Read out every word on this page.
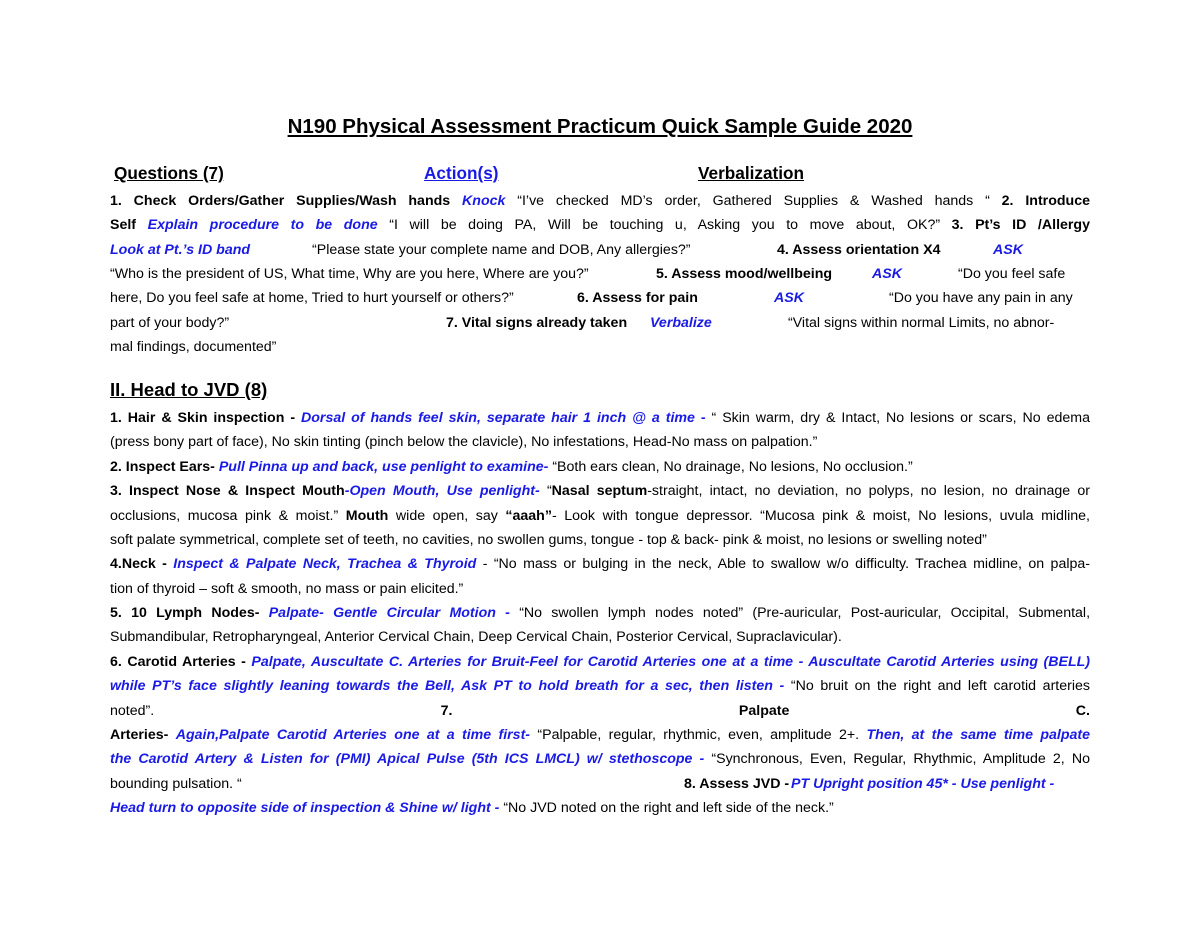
N190 Physical Assessment Practicum Quick Sample Guide 2020
Questions (7)	Action(s)	Verbalization
1. Check Orders/Gather Supplies/Wash hands Knock “I’ve checked MD’s order, Gathered Supplies & Washed hands “ 2. Introduce
Self Explain procedure to be done “I will be doing PA, Will be touching u, Asking you to move about, OK?” 3. Pt’s ID /Allergy
Look at Pt.’s ID band	“Please state your complete name and DOB, Any allergies?”	4. Assess orientation X4	ASK
“Who is the president of US, What time, Why are you here, Where are you?”	5. Assess mood/wellbeing	ASK	“Do you feel safe
here, Do you feel safe at home, Tried to hurt yourself or others?”	6. Assess for pain	ASK	“Do you have any pain in any
part of your body?”	7. Vital signs already taken Verbalize	“Vital signs within normal Limits, no abnor-
mal findings, documented”
II. Head to JVD (8)
1. Hair & Skin inspection - Dorsal of hands feel skin, separate hair 1 inch @ a time - “ Skin warm, dry & Intact, No lesions or scars, No edema
(press bony part of face), No skin tinting (pinch below the clavicle), No infestations, Head-No mass on palpation.”
2. Inspect Ears- Pull Pinna up and back, use penlight to examine- “Both ears clean, No drainage, No lesions, No occlusion.”
3. Inspect Nose & Inspect Mouth-Open Mouth, Use penlight- “Nasal septum-straight, intact, no deviation, no polyps, no lesion, no drainage or
occlusions, mucosa pink & moist.” Mouth wide open, say “aaah”- Look with tongue depressor. “Mucosa pink & moist, No lesions, uvula midline,
soft palate symmetrical, complete set of teeth, no cavities, no swollen gums, tongue - top & back- pink & moist, no lesions or swelling noted”
4.Neck - Inspect & Palpate Neck, Trachea & Thyroid - “No mass or bulging in the neck, Able to swallow w/o difficulty. Trachea midline, on palpa-
tion of thyroid – soft & smooth, no mass or pain elicited.”
5. 10 Lymph Nodes- Palpate- Gentle Circular Motion - “No swollen lymph nodes noted” (Pre-auricular, Post-auricular, Occipital, Submental,
Submandibular, Retropharyngeal, Anterior Cervical Chain, Deep Cervical Chain, Posterior Cervical, Supraclavicular).
6. Carotid Arteries - Palpate, Auscultate C. Arteries for Bruit-Feel for Carotid Arteries one at a time - Auscultate Carotid Arteries using (BELL)
while PT’s face slightly leaning towards the Bell, Ask PT to hold breath for a sec, then listen - “No bruit on the right and left carotid arteries
noted”.	7. Palpate C.
Arteries- Again,Palpate Carotid Arteries one at a time first- “Palpable, regular, rhythmic, even, amplitude 2+. Then, at the same time palpate
the Carotid Artery & Listen for (PMI) Apical Pulse (5th ICS LMCL) w/ stethoscope - “Synchronous, Even, Regular, Rhythmic, Amplitude 2, No
bounding pulsation. “	8. Assess JVD - PT Upright position 45* - Use penlight -
Head turn to opposite side of inspection & Shine w/ light - “No JVD noted on the right and left side of the neck.”
